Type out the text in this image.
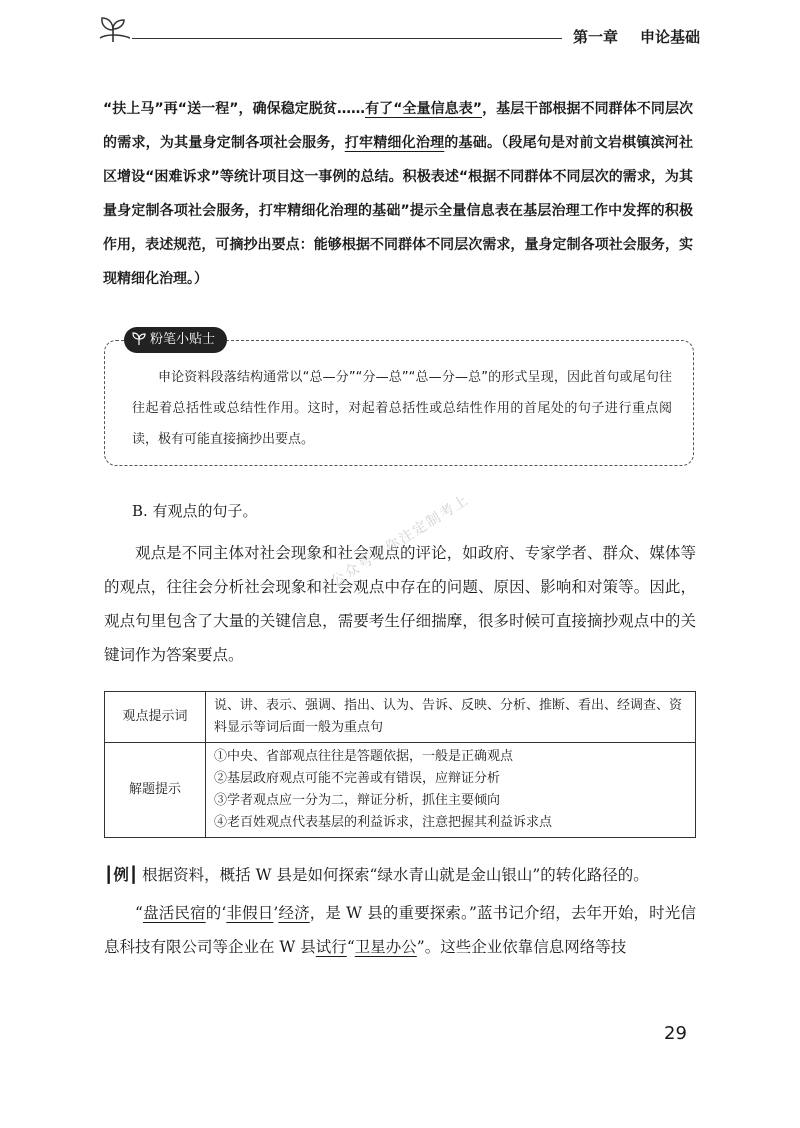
第一章 申论基础
“扶上马”再“送一程”，确保稳定脱贫……有了“全量信息表”，基层干部根据不同群体不同层次的需求，为其量身定制各项社会服务，打牢精细化治理的基础。（段尾句是对前文岩棋镇滨河社区增设“困难诉求”等统计项目这一事例的总结。积极表述“根据不同群体不同层次的需求，为其量身定制各项社会服务，打牢精细化治理的基础”提示全量信息表在基层治理工作中发挥的积极作用，表述规范，可摘抄出要点：能够根据不同群体不同层次需求，量身定制各项社会服务，实现精细化治理。）
粉笔小贴士
申论资料段落结构通常以“总—分”“分—总”“总—分—总”的形式呈现，因此首句或尾句往往起着总括性或总结性作用。这时，对起着总括性或总结性作用的首尾处的句子进行重点阅读，极有可能直接摘抄出要点。
B. 有观点的句子。
观点是不同主体对社会现象和社会观点的评论，如政府、专家学者、群众、媒体等的观点，往往会分析社会现象和社会观点中存在的问题、原因、影响和对策等。因此，观点句里包含了大量的关键信息，需要考生仔细揣摩，很多时候可直接摘抄观点中的关键词作为答案要点。
观点提示词	说、讲、表示、强调、指出、认为、告诉、反映、分析、推断、看出、经调查、资料显示等词后面一般为重点句
解题提示	①中央、省部观点往往是答题依据，一般是正确观点
②基层政府观点可能不完善或有错误，应辩证分析
③学者观点应一分为二，辩证分析，抓住主要倾向
④老百姓观点代表基层的利益诉求，注意把握其利益诉求点
┃例┃ 根据资料，概括 W 县是如何探索“绿水青山就是金山银山”的转化路径的。
“盘活民宿的‘非假日’经济，是 W 县的重要探索。”蓝书记介绍，去年开始，时光信息科技有限公司等企业在 W 县试行“卫星办公”。这些企业依靠信息网络等技
公众号：你注定制考上
29
